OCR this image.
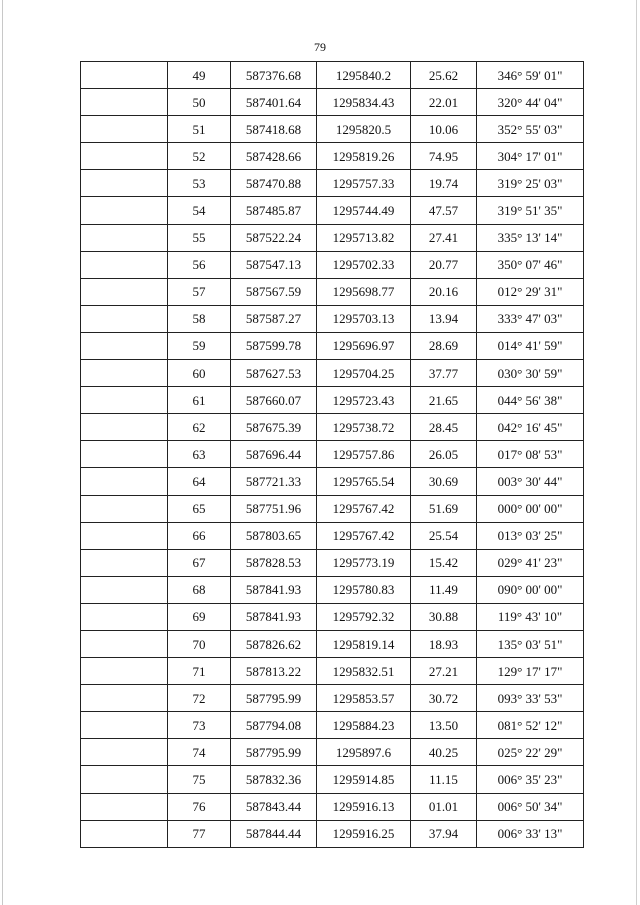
79
	49	587376.68	1295840.2	25.62	346° 59' 01"
	50	587401.64	1295834.43	22.01	320° 44' 04"
	51	587418.68	1295820.5	10.06	352° 55' 03"
	52	587428.66	1295819.26	74.95	304° 17' 01"
	53	587470.88	1295757.33	19.74	319° 25' 03"
	54	587485.87	1295744.49	47.57	319° 51' 35"
	55	587522.24	1295713.82	27.41	335° 13' 14"
	56	587547.13	1295702.33	20.77	350° 07' 46"
	57	587567.59	1295698.77	20.16	012° 29' 31"
	58	587587.27	1295703.13	13.94	333° 47' 03"
	59	587599.78	1295696.97	28.69	014° 41' 59"
	60	587627.53	1295704.25	37.77	030° 30' 59"
	61	587660.07	1295723.43	21.65	044° 56' 38"
	62	587675.39	1295738.72	28.45	042° 16' 45"
	63	587696.44	1295757.86	26.05	017° 08' 53"
	64	587721.33	1295765.54	30.69	003° 30' 44"
	65	587751.96	1295767.42	51.69	000° 00' 00"
	66	587803.65	1295767.42	25.54	013° 03' 25"
	67	587828.53	1295773.19	15.42	029° 41' 23"
	68	587841.93	1295780.83	11.49	090° 00' 00"
	69	587841.93	1295792.32	30.88	119° 43' 10"
	70	587826.62	1295819.14	18.93	135° 03' 51"
	71	587813.22	1295832.51	27.21	129° 17' 17"
	72	587795.99	1295853.57	30.72	093° 33' 53"
	73	587794.08	1295884.23	13.50	081° 52' 12"
	74	587795.99	1295897.6	40.25	025° 22' 29"
	75	587832.36	1295914.85	11.15	006° 35' 23"
	76	587843.44	1295916.13	01.01	006° 50' 34"
	77	587844.44	1295916.25	37.94	006° 33' 13"
